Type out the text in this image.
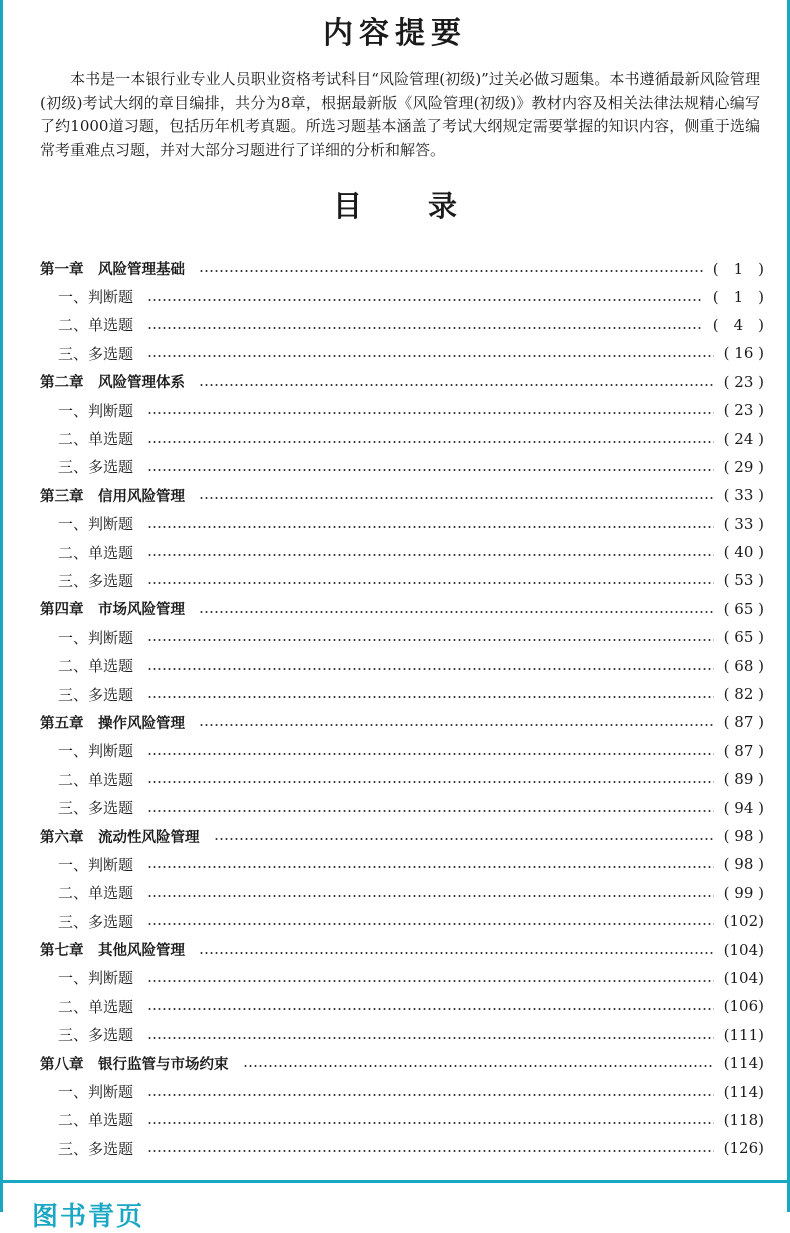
内容提要
本书是一本银行业专业人员职业资格考试科目“风险管理(初级)”过关必做习题集。本书遵循最新风险管理(初级)考试大纲的章目编排，共分为8章，根据最新版《风险管理(初级)》教材内容及相关法律法规精心编写了约1000道习题，包括历年机考真题。所选习题基本涵盖了考试大纲规定需要掌握的知识内容，侧重于选编常考重难点习题，并对大部分习题进行了详细的分析和解答。
目 录
第一章　风险管理基础	(　1　)
一、判断题	(　1　)
二、单选题	(　4　)
三、多选题	( 16 )
第二章　风险管理体系	( 23 )
一、判断题	( 23 )
二、单选题	( 24 )
三、多选题	( 29 )
第三章　信用风险管理	( 33 )
一、判断题	( 33 )
二、单选题	( 40 )
三、多选题	( 53 )
第四章　市场风险管理	( 65 )
一、判断题	( 65 )
二、单选题	( 68 )
三、多选题	( 82 )
第五章　操作风险管理	( 87 )
一、判断题	( 87 )
二、单选题	( 89 )
三、多选题	( 94 )
第六章　流动性风险管理	( 98 )
一、判断题	( 98 )
二、单选题	( 99 )
三、多选题	(102)
第七章　其他风险管理	(104)
一、判断题	(104)
二、单选题	(106)
三、多选题	(111)
第八章　银行监管与市场约束	(114)
一、判断题	(114)
二、单选题	(118)
三、多选题	(126)
图书青页
